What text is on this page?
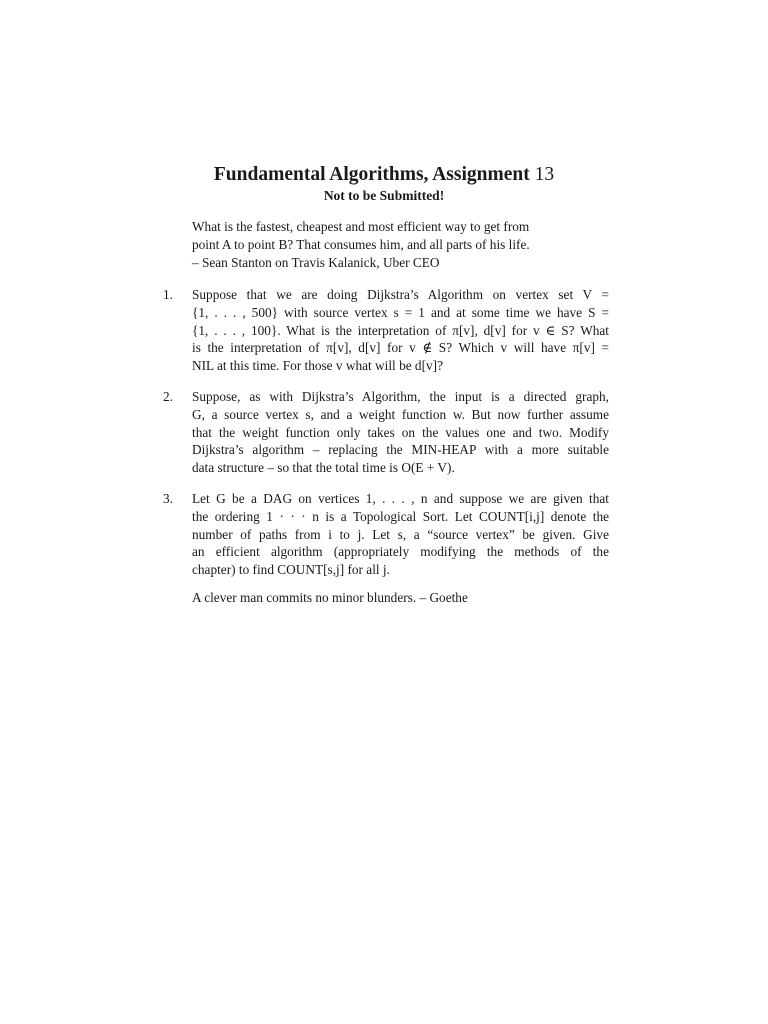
Fundamental Algorithms, Assignment 13

Not to be Submitted!

What is the fastest, cheapest and most efficient way to get from
point A to point B? That consumes him, and all parts of his life.
– Sean Stanton on Travis Kalanick, Uber CEO
1. Suppose that we are doing Dijkstra’s Algorithm on vertex set V =
{1, . . . , 500} with source vertex s = 1 and at some time we have S =
{1, . . . , 100}. What is the interpretation of π[v], d[v] for v ∈ S? What
is the interpretation of π[v], d[v] for v ∉ S? Which v will have π[v] =
NIL at this time. For those v what will be d[v]?
2. Suppose, as with Dijkstra’s Algorithm, the input is a directed graph,
G, a source vertex s, and a weight function w. But now further assume
that the weight function only takes on the values one and two. Modify
Dijkstra’s algorithm – replacing the MIN-HEAP with a more suitable
data structure – so that the total time is O(E + V).
3. Let G be a DAG on vertices 1, . . . , n and suppose we are given that
the ordering 1 · · · n is a Topological Sort. Let COUNT[i,j] denote the
number of paths from i to j. Let s, a “source vertex” be given. Give
an efficient algorithm (appropriately modifying the methods of the
chapter) to find COUNT[s,j] for all j.
A clever man commits no minor blunders. – Goethe
